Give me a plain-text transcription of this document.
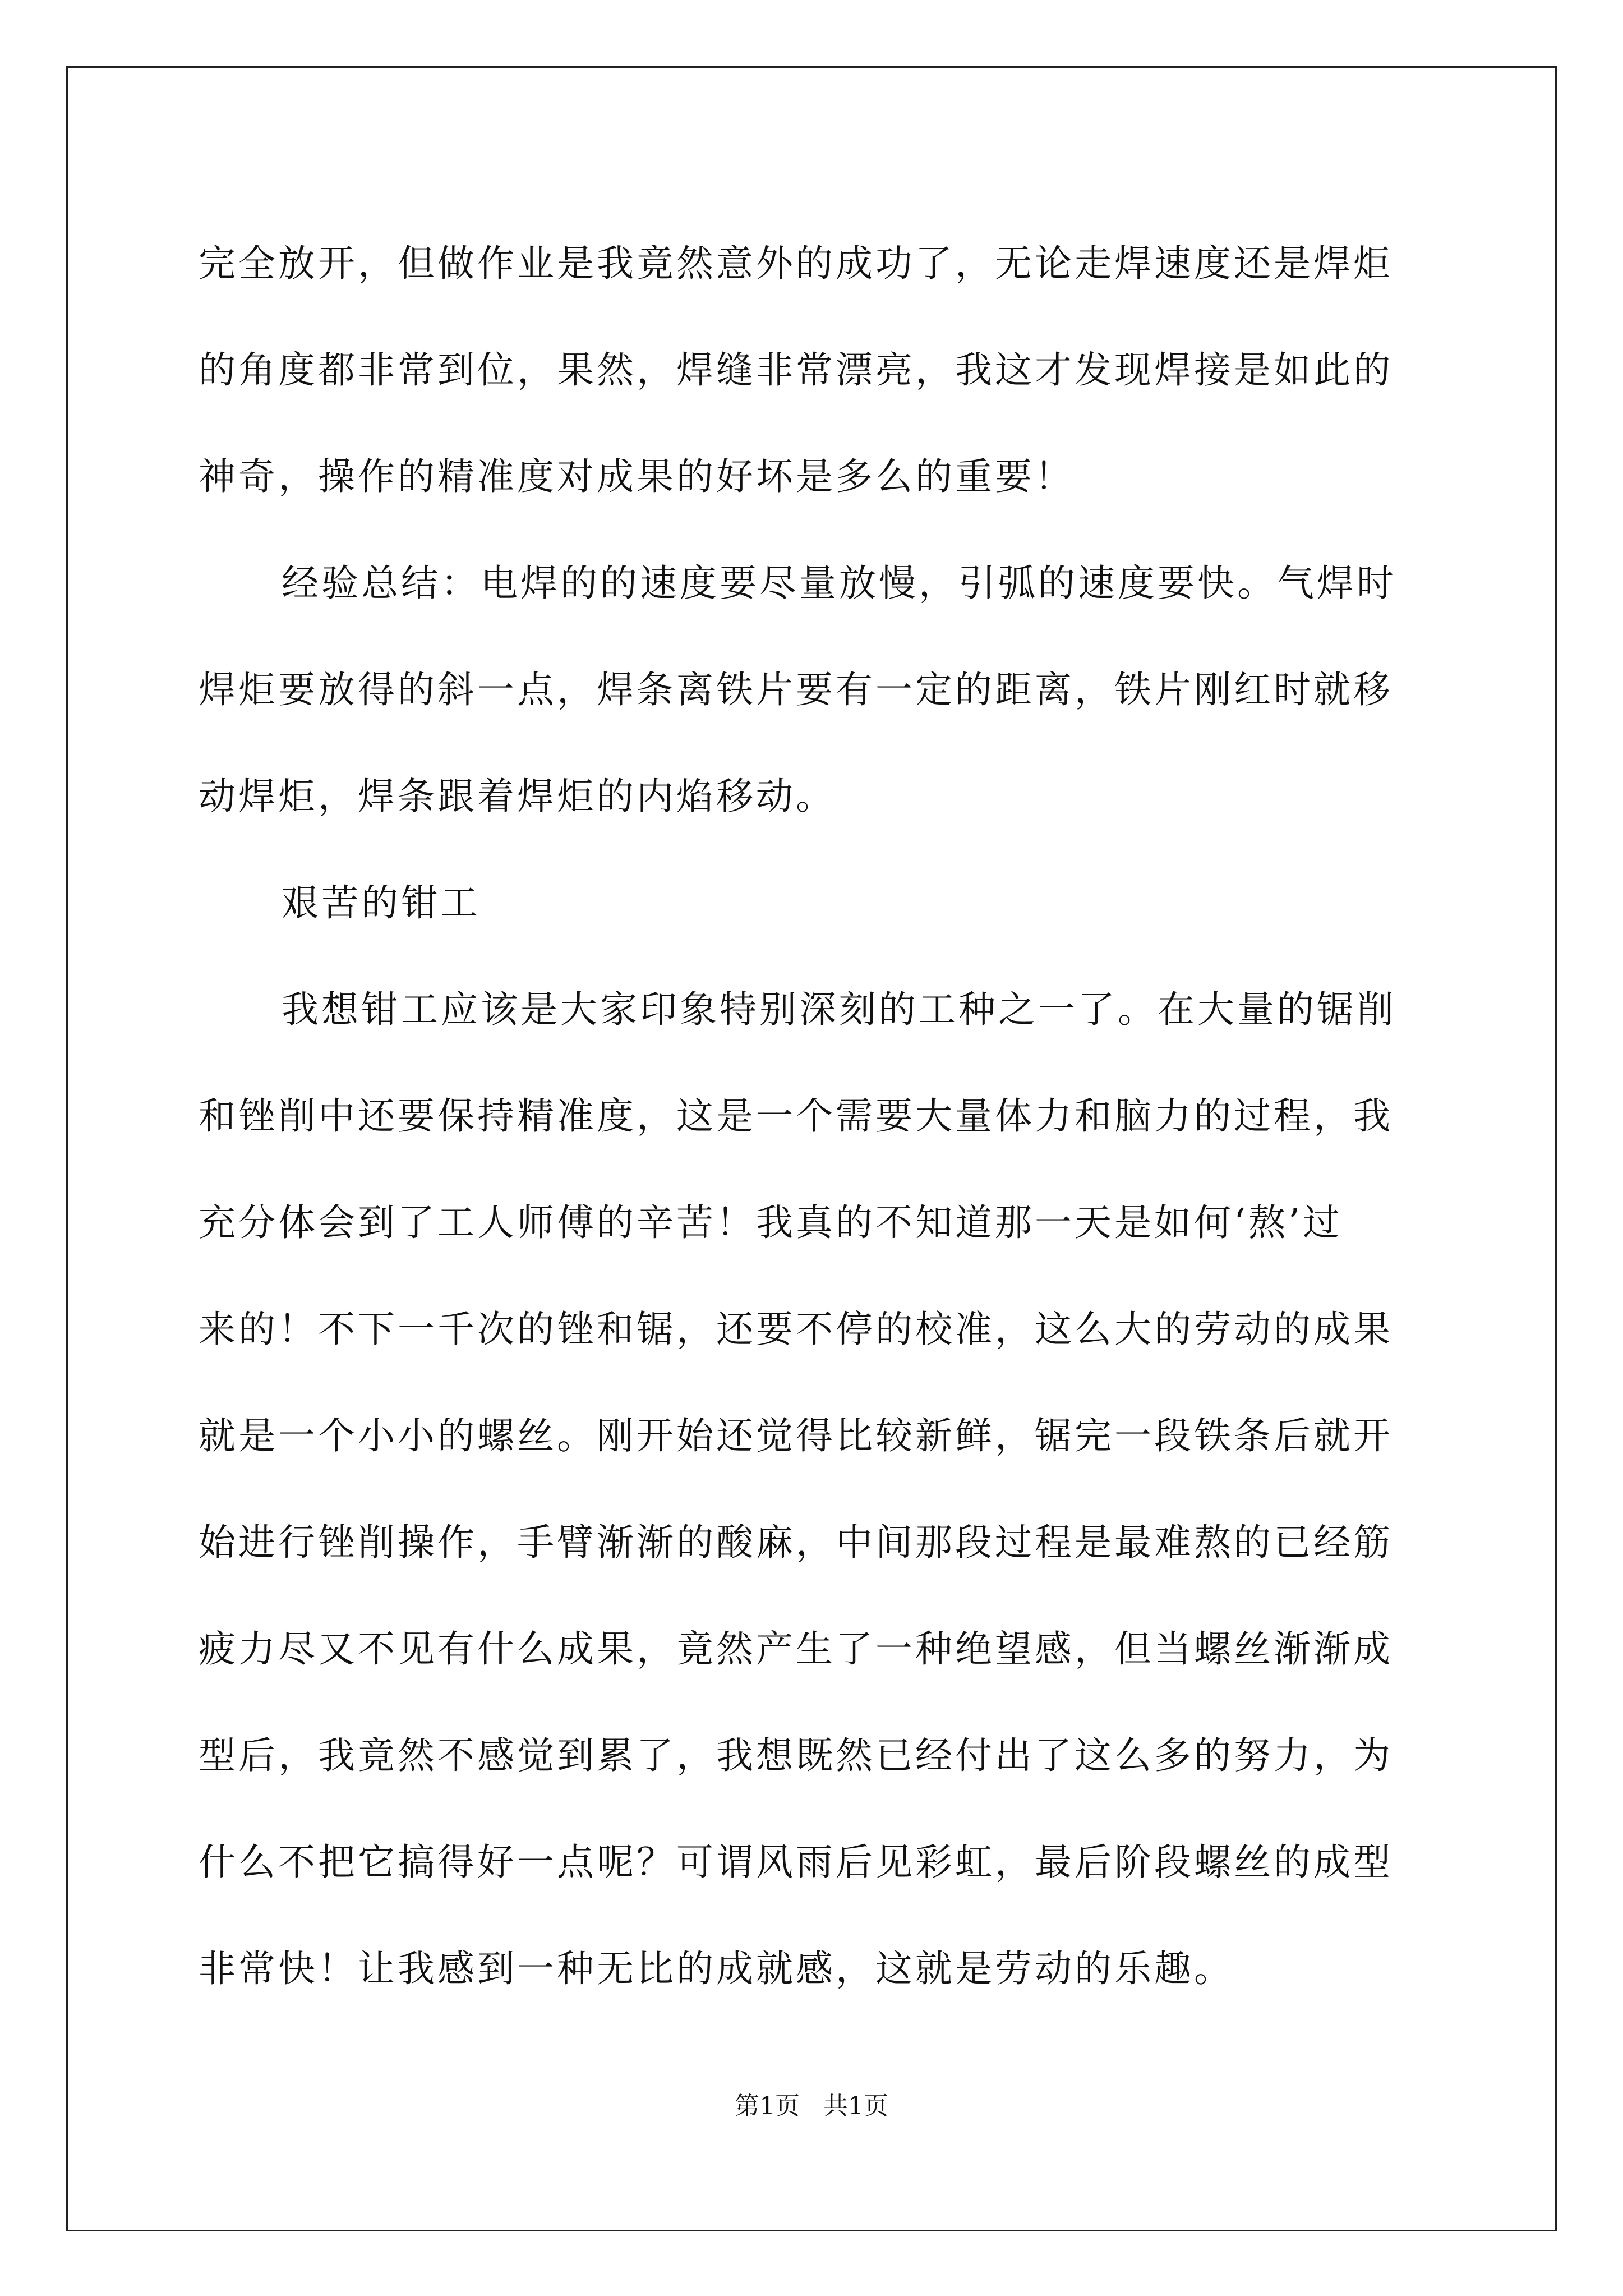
完全放开，但做作业是我竟然意外的成功了，无论走焊速度还是焊炬
的角度都非常到位，果然，焊缝非常漂亮，我这才发现焊接是如此的
神奇，操作的精准度对成果的好坏是多么的重要！
经验总结：电焊的的速度要尽量放慢，引弧的速度要快。气焊时
焊炬要放得的斜一点，焊条离铁片要有一定的距离，铁片刚红时就移
动焊炬，焊条跟着焊炬的内焰移动。
艰苦的钳工
我想钳工应该是大家印象特别深刻的工种之一了。在大量的锯削
和锉削中还要保持精准度，这是一个需要大量体力和脑力的过程，我
充分体会到了工人师傅的辛苦！我真的不知道那一天是如何‘熬’过
来的！不下一千次的锉和锯，还要不停的校准，这么大的劳动的成果
就是一个小小的螺丝。刚开始还觉得比较新鲜，锯完一段铁条后就开
始进行锉削操作，手臂渐渐的酸麻，中间那段过程是最难熬的已经筋
疲力尽又不见有什么成果，竟然产生了一种绝望感，但当螺丝渐渐成
型后，我竟然不感觉到累了，我想既然已经付出了这么多的努力，为
什么不把它搞得好一点呢？可谓风雨后见彩虹，最后阶段螺丝的成型
非常快！让我感到一种无比的成就感，这就是劳动的乐趣。
第1页   共1页
